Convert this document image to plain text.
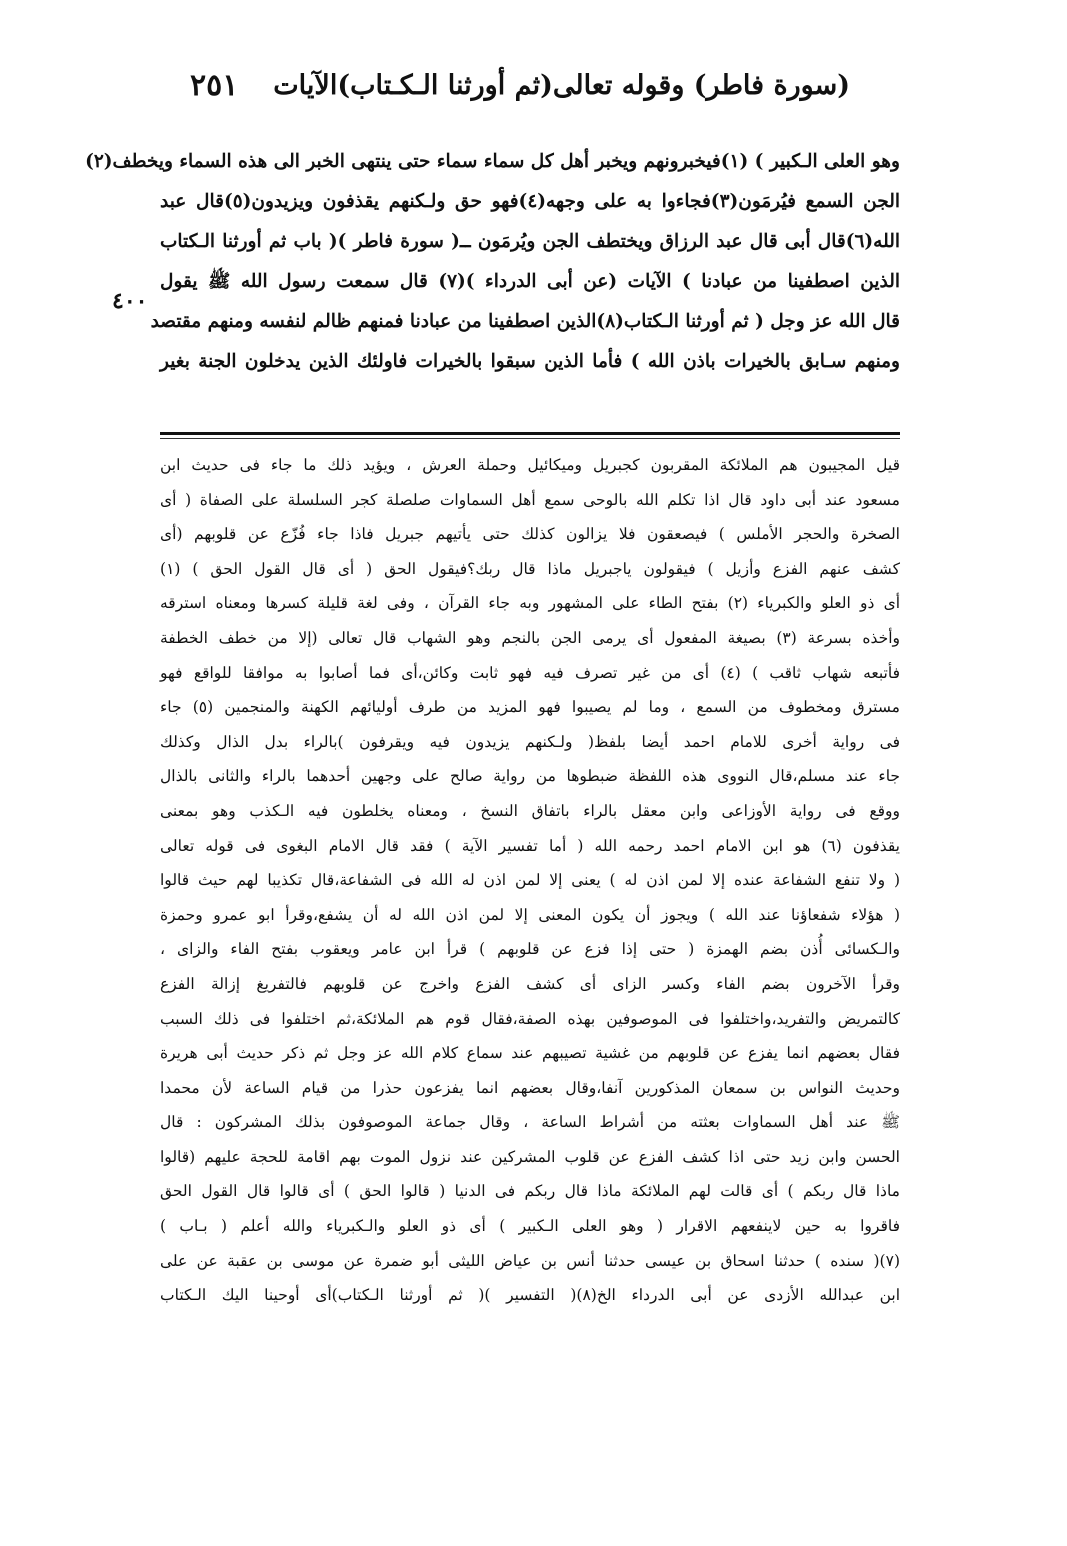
(سورة فاطر) وقوله تعالى(ثم أورثنا الـكـتاب)الآيات
٢٥١
وهو العلى الـكبير ) (١)فيخبرونهم ويخبر أهل كل سماء سماء حتى ينتهى الخبر الى هذه السماء ويخطف(٢)
الجن السمع فيُرمَون(٣)فجاءوا به على وجهه(٤)فهو حق ولـكنهم يقذفون ويزيدون(٥)قال عبد
الله(٦)قال أبى قال عبد الرزاق ويختطف الجن ويُرمَون ــ( سورة فاطر )( باب ثم أورثنا الـكتاب
الذين اصطفينا من عبادنا ) الآيات (عن أبى الدرداء )(٧) قال سمعت رسول الله ﷺ يقول
قال الله عز وجل ( ثم أورثنا الـكتاب(٨)الذين اصطفينا من عبادنا فمنهم ظالم لنفسه ومنهم مقتصد
ومنهم سـابق بالخيرات باذن الله ) فأما الذين سبقوا بالخيرات فاولئك الذين يدخلون الجنة بغير
٤٠٠
قيل المجيبون هم الملائكة المقربون كجبريل وميكائيل وحملة العرش ، ويؤيد ذلك ما جاء فى حديث ابن
مسعود عند أبى داود قال اذا تكلم الله بالوحى سمع أهل السماوات صلصلة كجر السلسلة على الصفاة ( أى
الصخرة والحجر الأملس ) فيصعقون فلا يزالون كذلك حتى يأتيهم جبريل فاذا جاء فُزّع عن قلوبهم (أى
كشف عنهم الفزع وأزيل ) فيقولون ياجبريل ماذا قال ربك؟فيقول الحق ( أى قال القول الحق ) (١)
أى ذو العلو والكبرياء (٢) بفتح الطاء على المشهور وبه جاء القرآن ، وفى لغة قليلة كسرها ومعناه استرقه
وأخذه بسرعة (٣) بصيغة المفعول أى يرمى الجن بالنجم وهو الشهاب قال تعالى (إلا من خطف الخطفة
فأتبعه شهاب ثاقب ) (٤) أى من غير تصرف فيه فهو ثابت وكائن،أى فما أصابوا به موافقا للواقع فهو
مسترق ومخطوف من السمع ، وما لم يصيبوا فهو المزيد من طرف أوليائهم الكهنة والمنجمين (٥) جاء
فى رواية أخرى للامام احمد أيضا بلفظ( ولـكنهم يزيدون فيه ويقرفون )بالراء بدل الذال وكذلك
جاء عند مسلم،قال النووى هذه اللفظة ضبطوها من رواية صالح على وجهين أحدهما بالراء والثانى بالذال
ووقع فى رواية الأوزاعى وابن معقل بالراء باتفاق النسخ ، ومعناه يخلطون فيه الـكذب وهو بمعنى
يقذفون (٦) هو ابن الامام احمد رحمه الله ( أما تفسير الآية ) فقد قال الامام البغوى فى قوله تعالى
( ولا تنفع الشفاعة عنده إلا لمن اذن له ) يعنى إلا لمن اذن له الله فى الشفاعة،قال تكذيبا لهم حيث قالوا
( هؤلاء شفعاؤنا عند الله ) ويجوز أن يكون المعنى إلا لمن اذن الله له أن يشفع،وقرأ ابو عمرو وحمزة
والـكسائى أُذن بضم الهمزة ( حتى إذا فزع عن قلوبهم ) قرأ ابن عامر ويعقوب بفتح الفاء والزاى ،
وقرأ الآخرون بضم الفاء وكسر الزاى أى كشف الفزع واخرج عن قلوبهم فالتفريغ إزالة الفزع
كالتمريض والتفريد،واختلفوا فى الموصوفين بهذه الصفة،فقال قوم هم الملائكة،ثم اختلفوا فى ذلك السبب
فقال بعضهم انما يفزع عن قلوبهم من غشية تصيبهم عند سماع كلام الله عز وجل ثم ذكر حديث أبى هريرة
وحديث النواس بن سمعان المذكورين آنفا،وقال بعضهم انما يفزعون حذرا من قيام الساعة لأن محمدا
ﷺ عند أهل السماوات بعثته من أشراط الساعة ، وقال جماعة الموصوفون بذلك المشركون : قال
الحسن وابن زيد حتى اذا كشف الفزع عن قلوب المشركين عند نزول الموت بهم اقامة للحجة عليهم (قالوا
ماذا قال ربكم ) أى قالت لهم الملائكة ماذا قال ربكم فى الدنيا ( قالوا الحق ) أى قالوا قال القول الحق
فاقروا به حين لاينفعهم الاقرار ( وهو العلى الـكبير ) أى ذو العلو والـكبرياء والله أعلم ( بـاب )
(٧)( سنده ) حدثنا اسحاق بن عيسى حدثنا أنس بن عياض الليثى أبو ضمرة عن موسى بن عقبة عن على
ابن عبدالله الأزدى عن أبى الدرداء الخ(٨)( التفسير )( ثم أورثنا الـكتاب)أى أوحينا اليك الـكتاب
